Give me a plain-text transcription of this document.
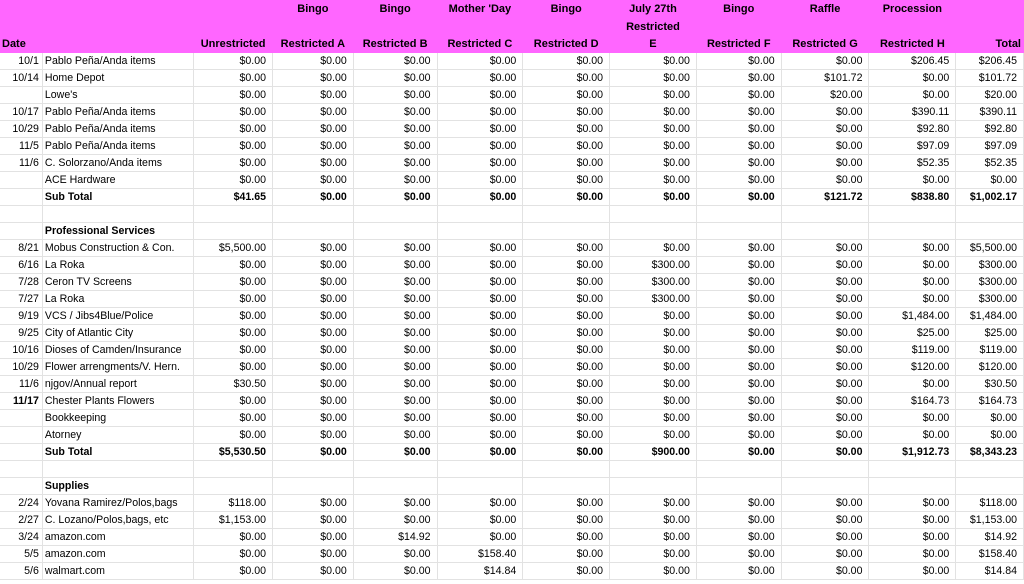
			Bingo	Bingo	Mother 'Day	Bingo	July 27th	Bingo	Raffle	Procession	
							Restricted				
Date		Unrestricted	Restricted A	Restricted B	Restricted C	Restricted D	E	Restricted F	Restricted G	Restricted H	Total
10/1	Pablo Peña/Anda items	$0.00	$0.00	$0.00	$0.00	$0.00	$0.00	$0.00	$0.00	$206.45	$206.45
10/14	Home Depot	$0.00	$0.00	$0.00	$0.00	$0.00	$0.00	$0.00	$101.72	$0.00	$101.72
	Lowe's	$0.00	$0.00	$0.00	$0.00	$0.00	$0.00	$0.00	$20.00	$0.00	$20.00
10/17	Pablo Peña/Anda items	$0.00	$0.00	$0.00	$0.00	$0.00	$0.00	$0.00	$0.00	$390.11	$390.11
10/29	Pablo Peña/Anda items	$0.00	$0.00	$0.00	$0.00	$0.00	$0.00	$0.00	$0.00	$92.80	$92.80
11/5	Pablo Peña/Anda items	$0.00	$0.00	$0.00	$0.00	$0.00	$0.00	$0.00	$0.00	$97.09	$97.09
11/6	C. Solorzano/Anda items	$0.00	$0.00	$0.00	$0.00	$0.00	$0.00	$0.00	$0.00	$52.35	$52.35
	ACE Hardware	$0.00	$0.00	$0.00	$0.00	$0.00	$0.00	$0.00	$0.00	$0.00	$0.00
	Sub Total	$41.65	$0.00	$0.00	$0.00	$0.00	$0.00	$0.00	$121.72	$838.80	$1,002.17

	Professional Services										
8/21	Mobus Construction & Con.	$5,500.00	$0.00	$0.00	$0.00	$0.00	$0.00	$0.00	$0.00	$0.00	$5,500.00
6/16	La Roka	$0.00	$0.00	$0.00	$0.00	$0.00	$300.00	$0.00	$0.00	$0.00	$300.00
7/28	Ceron TV Screens	$0.00	$0.00	$0.00	$0.00	$0.00	$300.00	$0.00	$0.00	$0.00	$300.00
7/27	La Roka	$0.00	$0.00	$0.00	$0.00	$0.00	$300.00	$0.00	$0.00	$0.00	$300.00
9/19	VCS / Jibs4Blue/Police	$0.00	$0.00	$0.00	$0.00	$0.00	$0.00	$0.00	$0.00	$1,484.00	$1,484.00
9/25	City of Atlantic City	$0.00	$0.00	$0.00	$0.00	$0.00	$0.00	$0.00	$0.00	$25.00	$25.00
10/16	Dioses of Camden/Insurance	$0.00	$0.00	$0.00	$0.00	$0.00	$0.00	$0.00	$0.00	$119.00	$119.00
10/29	Flower arrengments/V. Hern.	$0.00	$0.00	$0.00	$0.00	$0.00	$0.00	$0.00	$0.00	$120.00	$120.00
11/6	njgov/Annual report	$30.50	$0.00	$0.00	$0.00	$0.00	$0.00	$0.00	$0.00	$0.00	$30.50
11/17	Chester Plants Flowers	$0.00	$0.00	$0.00	$0.00	$0.00	$0.00	$0.00	$0.00	$164.73	$164.73
	Bookkeeping	$0.00	$0.00	$0.00	$0.00	$0.00	$0.00	$0.00	$0.00	$0.00	$0.00
	Atorney	$0.00	$0.00	$0.00	$0.00	$0.00	$0.00	$0.00	$0.00	$0.00	$0.00
	Sub Total	$5,530.50	$0.00	$0.00	$0.00	$0.00	$900.00	$0.00	$0.00	$1,912.73	$8,343.23

	Supplies										
2/24	Yovana Ramirez/Polos,bags	$118.00	$0.00	$0.00	$0.00	$0.00	$0.00	$0.00	$0.00	$0.00	$118.00
2/27	C. Lozano/Polos,bags, etc	$1,153.00	$0.00	$0.00	$0.00	$0.00	$0.00	$0.00	$0.00	$0.00	$1,153.00
3/24	amazon.com	$0.00	$0.00	$14.92	$0.00	$0.00	$0.00	$0.00	$0.00	$0.00	$14.92
5/5	amazon.com	$0.00	$0.00	$0.00	$158.40	$0.00	$0.00	$0.00	$0.00	$0.00	$158.40
5/6	walmart.com	$0.00	$0.00	$0.00	$14.84	$0.00	$0.00	$0.00	$0.00	$0.00	$14.84
